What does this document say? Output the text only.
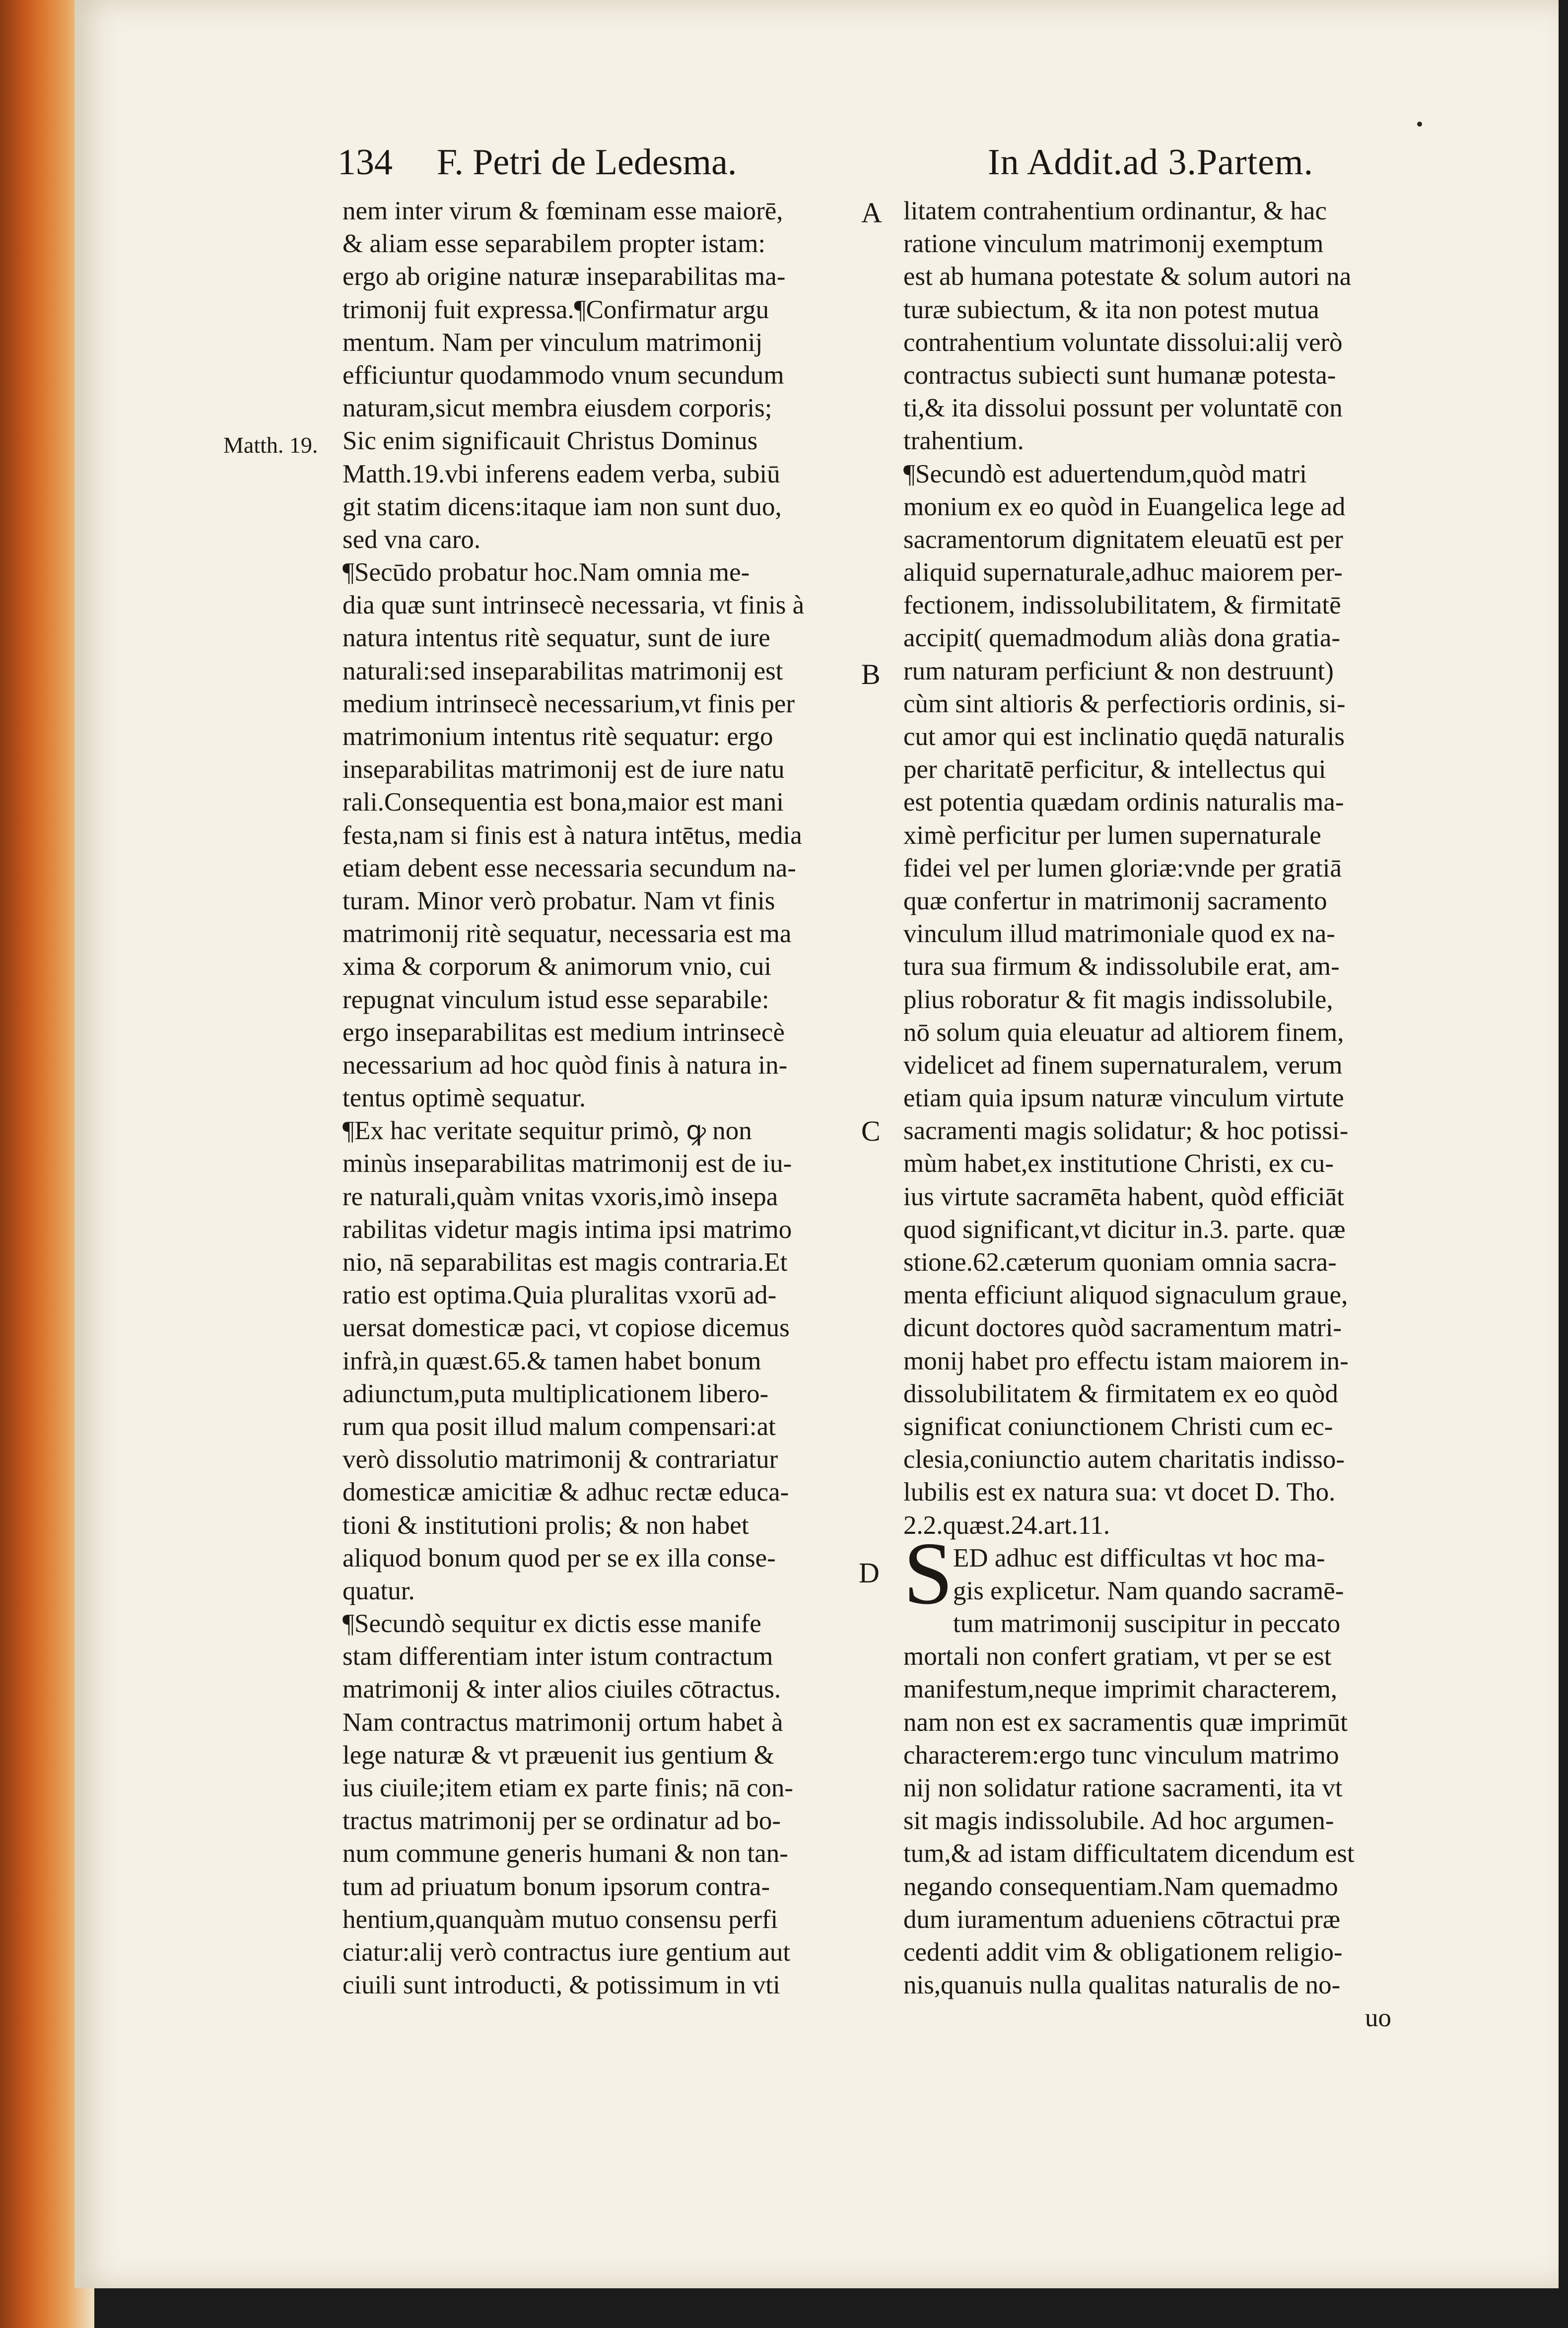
134 F. Petri de Ledesma.	In Addit.ad 3.Partem.
Matth. 19.
A
B
C
D
nem inter virum & fœminam esse maiorē,
& aliam esse separabilem propter istam:
ergo ab origine naturæ inseparabilitas ma-
trimonij fuit expressa.¶Confirmatur argu
mentum. Nam per vinculum matrimonij
efficiuntur quodammodo vnum secundum
naturam,sicut membra eiusdem corporis;
Sic enim significauit Christus Dominus
Matth.19.vbi inferens eadem verba, subiū
git statim dicens:itaque iam non sunt duo,
sed vna caro.
¶Secūdo probatur hoc.Nam omnia me-
dia quæ sunt intrinsecè necessaria, vt finis à
natura intentus ritè sequatur, sunt de iure
naturali:sed inseparabilitas matrimonij est
medium intrinsecè necessarium,vt finis per
matrimonium intentus ritè sequatur: ergo
inseparabilitas matrimonij est de iure natu
rali.Consequentia est bona,maior est mani
festa,nam si finis est à natura intētus, media
etiam debent esse necessaria secundum na-
turam. Minor verò probatur. Nam vt finis
matrimonij ritè sequatur, necessaria est ma
xima & corporum & animorum vnio, cui
repugnat vinculum istud esse separabile:
ergo inseparabilitas est medium intrinsecè
necessarium ad hoc quòd finis à natura in-
tentus optimè sequatur.
¶Ex hac veritate sequitur primò, ꝙ non
minùs inseparabilitas matrimonij est de iu-
re naturali,quàm vnitas vxoris,imò insepa
rabilitas videtur magis intima ipsi matrimo
nio, nā separabilitas est magis contraria.Et
ratio est optima.Quia pluralitas vxorū ad-
uersat domesticæ paci, vt copiose dicemus
infrà,in quæst.65.& tamen habet bonum
adiunctum,puta multiplicationem libero-
rum qua posit illud malum compensari:at
verò dissolutio matrimonij & contrariatur
domesticæ amicitiæ & adhuc rectæ educa-
tioni & institutioni prolis; & non habet
aliquod bonum quod per se ex illa conse-
quatur.
¶Secundò sequitur ex dictis esse manife
stam differentiam inter istum contractum
matrimonij & inter alios ciuiles cōtractus.
Nam contractus matrimonij ortum habet à
lege naturæ & vt præuenit ius gentium &
ius ciuile;item etiam ex parte finis; nā con-
tractus matrimonij per se ordinatur ad bo-
num commune generis humani & non tan-
tum ad priuatum bonum ipsorum contra-
hentium,quanquàm mutuo consensu perfi
ciatur:alij verò contractus iure gentium aut
ciuili sunt introducti, & potissimum in vti
litatem contrahentium ordinantur, & hac
ratione vinculum matrimonij exemptum
est ab humana potestate & solum autori na
turæ subiectum, & ita non potest mutua
contrahentium voluntate dissolui:alij verò
contractus subiecti sunt humanæ potesta-
ti,& ita dissolui possunt per voluntatē con
trahentium.
¶Secundò est aduertendum,quòd matri
monium ex eo quòd in Euangelica lege ad
sacramentorum dignitatem eleuatū est per
aliquid supernaturale,adhuc maiorem per-
fectionem, indissolubilitatem, & firmitatē
accipit( quemadmodum aliàs dona gratia-
rum naturam perficiunt & non destruunt)
cùm sint altioris & perfectioris ordinis, si-
cut amor qui est inclinatio quędā naturalis
per charitatē perficitur, & intellectus qui
est potentia quædam ordinis naturalis ma-
ximè perficitur per lumen supernaturale
fidei vel per lumen gloriæ:vnde per gratiā
quæ confertur in matrimonij sacramento
vinculum illud matrimoniale quod ex na-
tura sua firmum & indissolubile erat, am-
plius roboratur & fit magis indissolubile,
nō solum quia eleuatur ad altiorem finem,
videlicet ad finem supernaturalem, verum
etiam quia ipsum naturæ vinculum virtute
sacramenti magis solidatur; & hoc potissi-
mùm habet,ex institutione Christi, ex cu-
ius virtute sacramēta habent, quòd efficiāt
quod significant,vt dicitur in.3. parte. quæ
stione.62.cæterum quoniam omnia sacra-
menta efficiunt aliquod signaculum graue,
dicunt doctores quòd sacramentum matri-
monij habet pro effectu istam maiorem in-
dissolubilitatem & firmitatem ex eo quòd
significat coniunctionem Christi cum ec-
clesia,coniunctio autem charitatis indisso-
lubilis est ex natura sua: vt docet D. Tho.
2.2.quæst.24.art.11.
ED adhuc est difficultas vt hoc ma-
gis explicetur. Nam quando sacramē-
tum matrimonij suscipitur in peccato
mortali non confert gratiam, vt per se est
manifestum,neque imprimit characterem,
nam non est ex sacramentis quæ imprimūt
characterem:ergo tunc vinculum matrimo
nij non solidatur ratione sacramenti, ita vt
sit magis indissolubile. Ad hoc argumen-
tum,& ad istam difficultatem dicendum est
negando consequentiam.Nam quemadmo
dum iuramentum adueniens cōtractui præ
cedenti addit vim & obligationem religio-
nis,quanuis nulla qualitas naturalis de no-
S
uo
